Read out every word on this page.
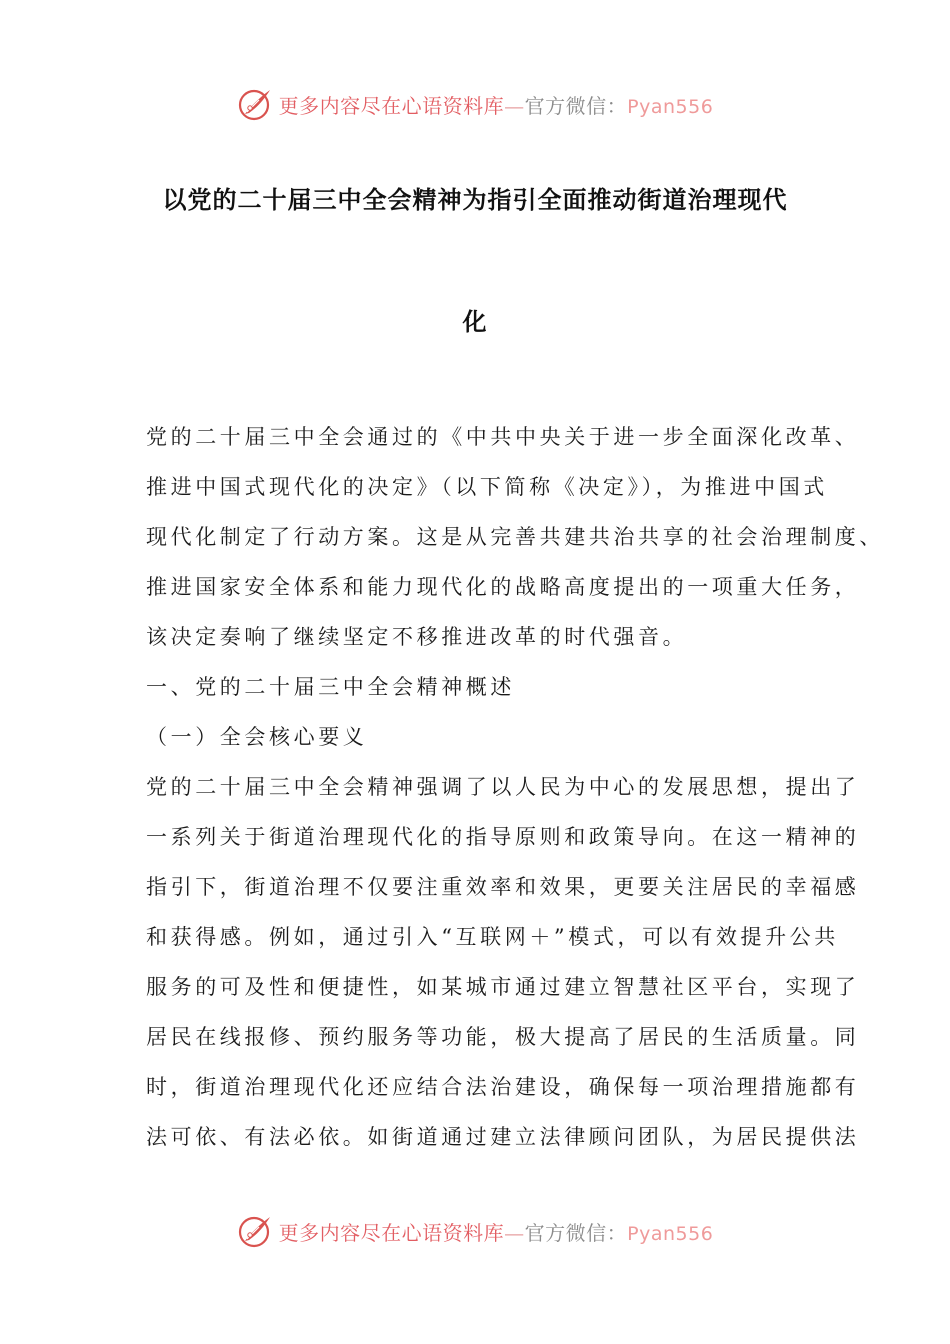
更多内容尽在心语资料库—官方微信：Pyan556
以党的二十届三中全会精神为指引全面推动街道治理现代
化
党的二十届三中全会通过的《中共中央关于进一步全面深化改革、
推进中国式现代化的决定》（以下简称《决定》），为推进中国式
现代化制定了行动方案。这是从完善共建共治共享的社会治理制度、
推进国家安全体系和能力现代化的战略高度提出的一项重大任务，
该决定奏响了继续坚定不移推进改革的时代强音。
一、党的二十届三中全会精神概述
（一）全会核心要义
党的二十届三中全会精神强调了以人民为中心的发展思想，提出了
一系列关于街道治理现代化的指导原则和政策导向。在这一精神的
指引下，街道治理不仅要注重效率和效果，更要关注居民的幸福感
和获得感。例如，通过引入“互联网＋”模式，可以有效提升公共
服务的可及性和便捷性，如某城市通过建立智慧社区平台，实现了
居民在线报修、预约服务等功能，极大提高了居民的生活质量。同
时，街道治理现代化还应结合法治建设，确保每一项治理措施都有
法可依、有法必依。如街道通过建立法律顾问团队，为居民提供法
更多内容尽在心语资料库—官方微信：Pyan556
